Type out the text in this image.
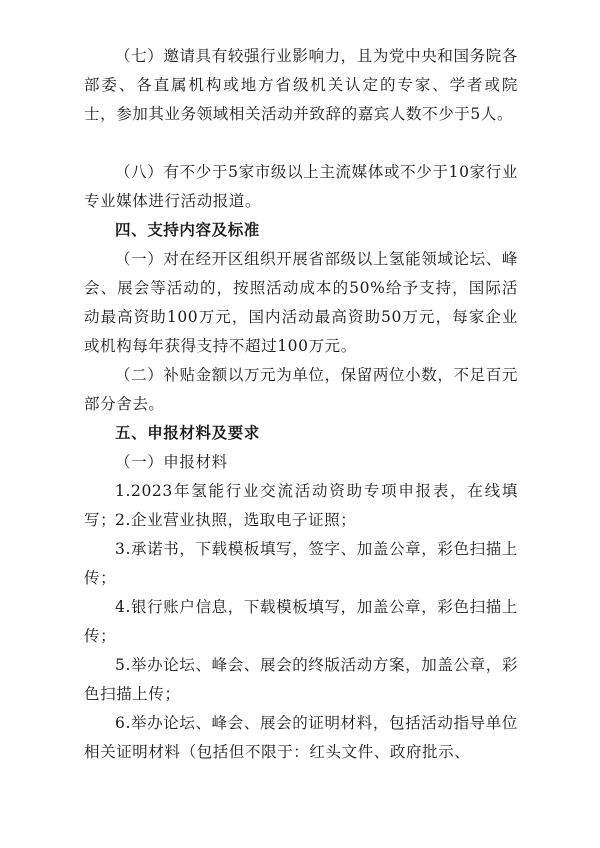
（七）邀请具有较强行业影响力，且为党中央和国务院各部委、各直属机构或地方省级机关认定的专家、学者或院士，参加其业务领域相关活动并致辞的嘉宾人数不少于5人。

（八）有不少于5家市级以上主流媒体或不少于10家行业专业媒体进行活动报道。

四、支持内容及标准

（一）对在经开区组织开展省部级以上氢能领域论坛、峰会、展会等活动的，按照活动成本的50%给予支持，国际活动最高资助100万元，国内活动最高资助50万元，每家企业或机构每年获得支持不超过100万元。

（二）补贴金额以万元为单位，保留两位小数，不足百元部分舍去。

五、申报材料及要求

（一）申报材料

1.2023年氢能行业交流活动资助专项申报表，在线填写；

2.企业营业执照，选取电子证照；

3.承诺书，下载模板填写，签字、加盖公章，彩色扫描上传；

4.银行账户信息，下载模板填写，加盖公章，彩色扫描上传；

5.举办论坛、峰会、展会的终版活动方案，加盖公章，彩色扫描上传；

6.举办论坛、峰会、展会的证明材料，包括活动指导单位相关证明材料（包括但不限于：红头文件、政府批示、
